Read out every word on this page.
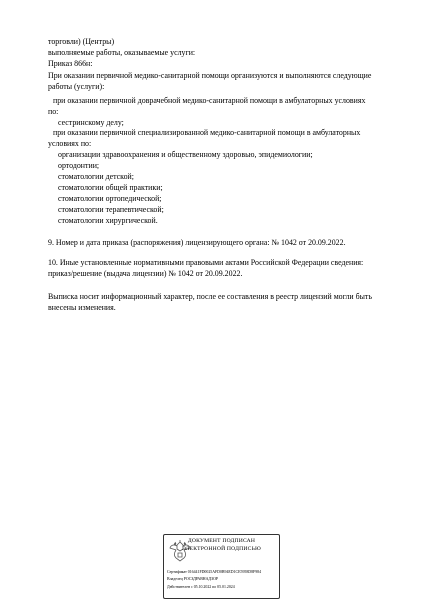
торговли) (Центры)
выполняемые работы, оказываемые услуги:
Приказ 866н:
При оказании первичной медико-санитарной помощи организуются и выполняются следующие
работы (услуги):
при оказании первичной доврачебной медико-санитарной помощи в амбулаторных условиях
по:
сестринскому делу;
при оказании первичной специализированной медико-санитарной помощи в амбулаторных
условиях по:
организации здравоохранения и общественному здоровью, эпидемиологии;
ортодонтии;
стоматологии детской;
стоматологии общей практики;
стоматологии ортопедической;
стоматологии терапевтической;
стоматологии хирургической.
9. Номер и дата приказа (распоряжения) лицензирующего органа: № 1042 от 20.09.2022.
10. Иные установленные нормативными правовыми актами Российской Федерации сведения:
приказ/решение (выдача лицензии) № 1042 от 20.09.2022.
Выписка носит информационный характер, после ее составления в реестр лицензий могли быть
внесены изменения.
ДОКУМЕНТ ПОДПИСАН
ЭЛЕКТРОННОЙ ПОДПИСЬЮ
Сертификат 016441FD0025AFD0B94ED1CE5958D8F984
Владелец РОСЗДРАВНАДЗОР
Действителен с 05.10.2022 по 05.01.2024
